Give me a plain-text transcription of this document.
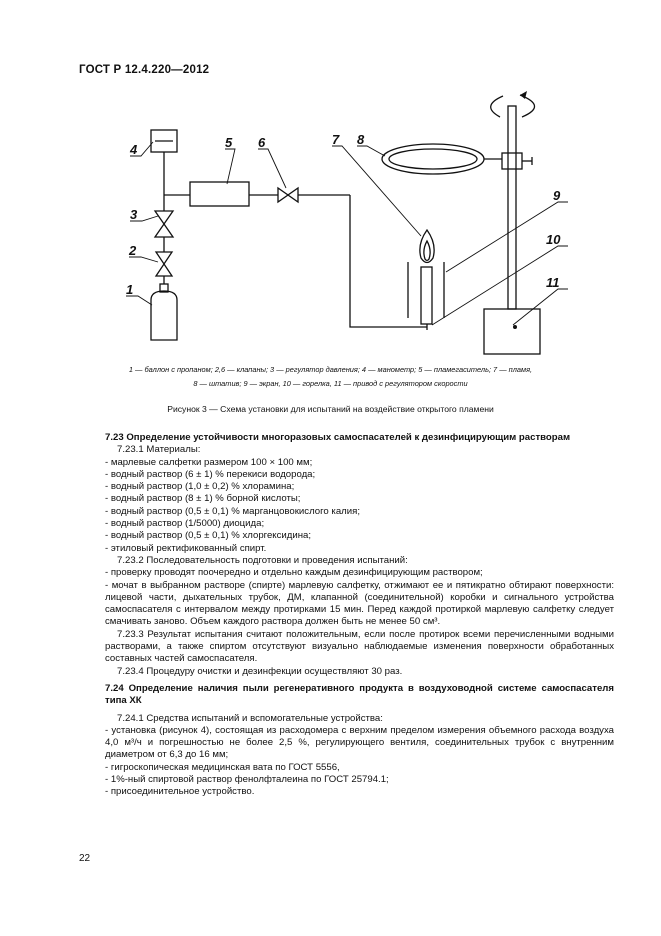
ГОСТ Р 12.4.220—2012
4
3
2
1
5 6	7 8
9
10
11
1 — баллон с пропаном; 2,6 — клапаны; 3 — регулятор давления; 4 — манометр; 5 — пламегаситель; 7 — пламя,
8 — штатив; 9 — экран, 10 — горелка, 11 — привод с регулятором скорости
Рисунок 3 — Схема установки для испытаний на воздействие открытого пламени

7.23 Определение устойчивости многоразовых самоспасателей к дезинфицирующим растворам

7.23.1 Материалы:

- марлевые салфетки размером 100 × 100 мм;

- водный раствор (6 ± 1) % перекиси водорода;

- водный раствор (1,0 ± 0,2) % хлорамина;

- водный раствор (8 ± 1) % борной кислоты;

- водный раствор (0,5 ± 0,1) % марганцовокислого калия;

- водный раствор (1/5000) диоцида;

- водный раствор (0,5 ± 0,1) % хлоргексидина;

- этиловый ректификованный спирт.

7.23.2 Последовательность подготовки и проведения испытаний:

- проверку проводят поочередно и отдельно каждым дезинфицирующим раствором;

- мочат в выбранном растворе (спирте) марлевую салфетку, отжимают ее и пятикратно обтирают поверхности: лицевой части, дыхательных трубок, ДМ, клапанной (соединительной) коробки и сигнального устройства самоспасателя с интервалом между протирками 15 мин. Перед каждой протиркой марлевую салфетку следует смачивать заново. Объем каждого раствора должен быть не менее 50 см³.

7.23.3 Результат испытания считают положительным, если после протирок всеми перечисленными водными растворами, а также спиртом отсутствуют визуально наблюдаемые изменения поверхности обработанных составных частей самоспасателя.

7.23.4 Процедуру очистки и дезинфекции осуществляют 30 раз.

7.24 Определение наличия пыли регенеративного продукта в воздуховодной системе самоспасателя типа ХК

7.24.1 Средства испытаний и вспомогательные устройства:

- установка (рисунок 4), состоящая из расходомера с верхним пределом измерения объемного расхода воздуха 4,0 м³/ч и погрешностью не более 2,5 %, регулирующего вентиля, соединительных трубок с внутренним диаметром от 6,3 до 16 мм;

- гигроскопическая медицинская вата по ГОСТ 5556,

- 1%-ный спиртовой раствор фенолфталеина по ГОСТ 25794.1;

- присоединительное устройство.

22
